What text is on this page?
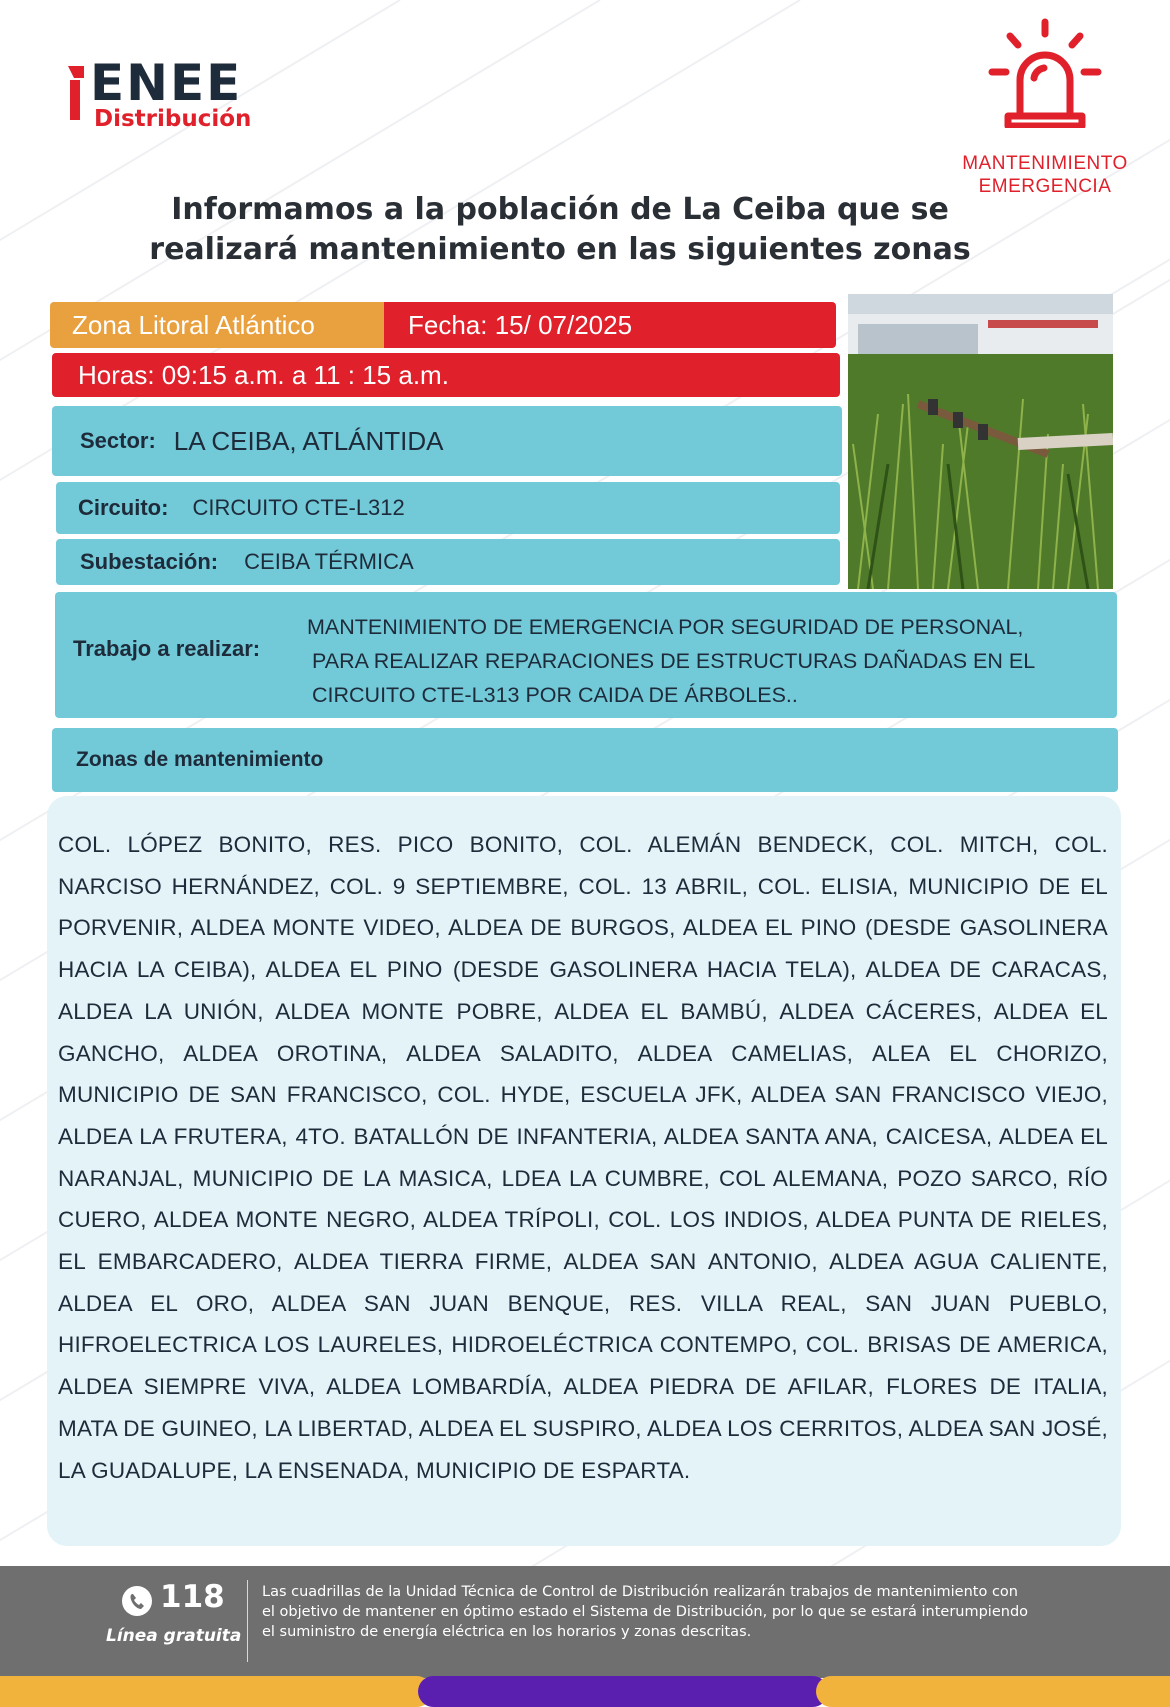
ENEE
Distribución
MANTENIMIENTO
EMERGENCIA
Informamos a la población de La Ceiba que se
realizará mantenimiento en las siguientes zonas
Zona Litoral Atlántico	Fecha: 15/ 07/2025
Horas: 09:15 a.m. a 11 : 15 a.m.
Sector: LA CEIBA, ATLÁNTIDA
Circuito: CIRCUITO CTE-L312
Subestación: CEIBA TÉRMICA
Trabajo a realizar:
MANTENIMIENTO DE EMERGENCIA POR SEGURIDAD DE PERSONAL,
PARA REALIZAR REPARACIONES DE ESTRUCTURAS DAÑADAS EN EL
CIRCUITO CTE-L313 POR CAIDA DE ÁRBOLES..
Zonas de mantenimiento
COL. LÓPEZ BONITO, RES. PICO BONITO, COL. ALEMÁN BENDECK, COL. MITCH, COL. NARCISO HERNÁNDEZ, COL. 9 SEPTIEMBRE, COL. 13 ABRIL, COL. ELISIA, MUNICIPIO DE EL PORVENIR, ALDEA MONTE VIDEO, ALDEA DE BURGOS, ALDEA EL PINO (DESDE GASOLINERA HACIA LA CEIBA), ALDEA EL PINO (DESDE GASOLINERA HACIA TELA), ALDEA DE CARACAS, ALDEA LA UNIÓN, ALDEA MONTE POBRE, ALDEA EL BAMBÚ, ALDEA CÁCERES, ALDEA EL GANCHO, ALDEA OROTINA, ALDEA SALADITO, ALDEA CAMELIAS, ALEA EL CHORIZO, MUNICIPIO DE SAN FRANCISCO, COL. HYDE, ESCUELA JFK, ALDEA SAN FRANCISCO VIEJO, ALDEA LA FRUTERA, 4TO. BATALLÓN DE INFANTERIA, ALDEA SANTA ANA, CAICESA, ALDEA EL NARANJAL, MUNICIPIO DE LA MASICA, LDEA LA CUMBRE, COL ALEMANA, POZO SARCO, RÍO CUERO, ALDEA MONTE NEGRO, ALDEA TRÍPOLI, COL. LOS INDIOS, ALDEA PUNTA DE RIELES, EL EMBARCADERO, ALDEA TIERRA FIRME, ALDEA SAN ANTONIO, ALDEA AGUA CALIENTE, ALDEA EL ORO, ALDEA SAN JUAN BENQUE, RES. VILLA REAL, SAN JUAN PUEBLO, HIFROELECTRICA LOS LAURELES, HIDROELÉCTRICA CONTEMPO, COL. BRISAS DE AMERICA, ALDEA SIEMPRE VIVA, ALDEA LOMBARDÍA, ALDEA PIEDRA DE AFILAR, FLORES DE ITALIA, MATA DE GUINEO, LA LIBERTAD, ALDEA EL SUSPIRO, ALDEA LOS CERRITOS, ALDEA SAN JOSÉ, LA GUADALUPE, LA ENSENADA, MUNICIPIO DE ESPARTA.
118
Línea gratuita
Las cuadrillas de la Unidad Técnica de Control de Distribución realizarán trabajos de mantenimiento con
el objetivo de mantener en óptimo estado el Sistema de Distribución, por lo que se estará interumpiendo
el suministro de energía eléctrica en los horarios y zonas descritas.
